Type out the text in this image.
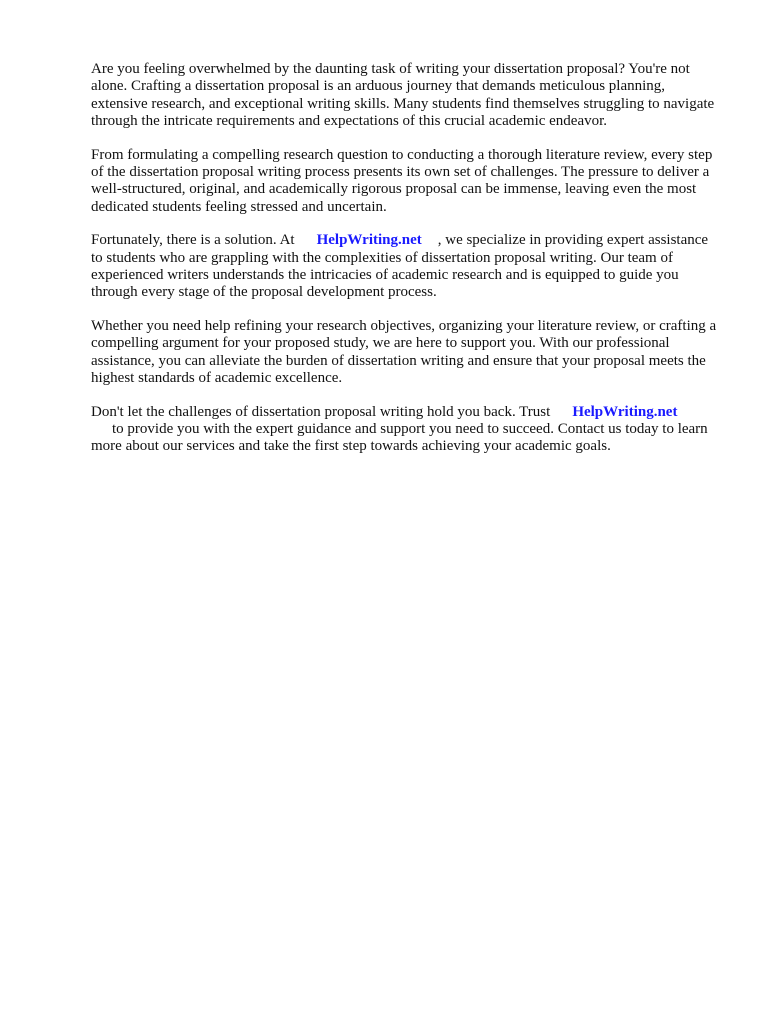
Are you feeling overwhelmed by the daunting task of writing your dissertation proposal? You're not alone. Crafting a dissertation proposal is an arduous journey that demands meticulous planning, extensive research, and exceptional writing skills. Many students find themselves struggling to navigate through the intricate requirements and expectations of this crucial academic endeavor.

From formulating a compelling research question to conducting a thorough literature review, every step of the dissertation proposal writing process presents its own set of challenges. The pressure to deliver a well-structured, original, and academically rigorous proposal can be immense, leaving even the most dedicated students feeling stressed and uncertain.

Fortunately, there is a solution. At HelpWriting.net , we specialize in providing expert assistance to students who are grappling with the complexities of dissertation proposal writing. Our team of experienced writers understands the intricacies of academic research and is equipped to guide you through every stage of the proposal development process.

Whether you need help refining your research objectives, organizing your literature review, or crafting a compelling argument for your proposed study, we are here to support you. With our professional assistance, you can alleviate the burden of dissertation writing and ensure that your proposal meets the highest standards of academic excellence.

Don't let the challenges of dissertation proposal writing hold you back. Trust HelpWriting.net
to provide you with the expert guidance and support you need to succeed. Contact us today to learn more about our services and take the first step towards achieving your academic goals.
